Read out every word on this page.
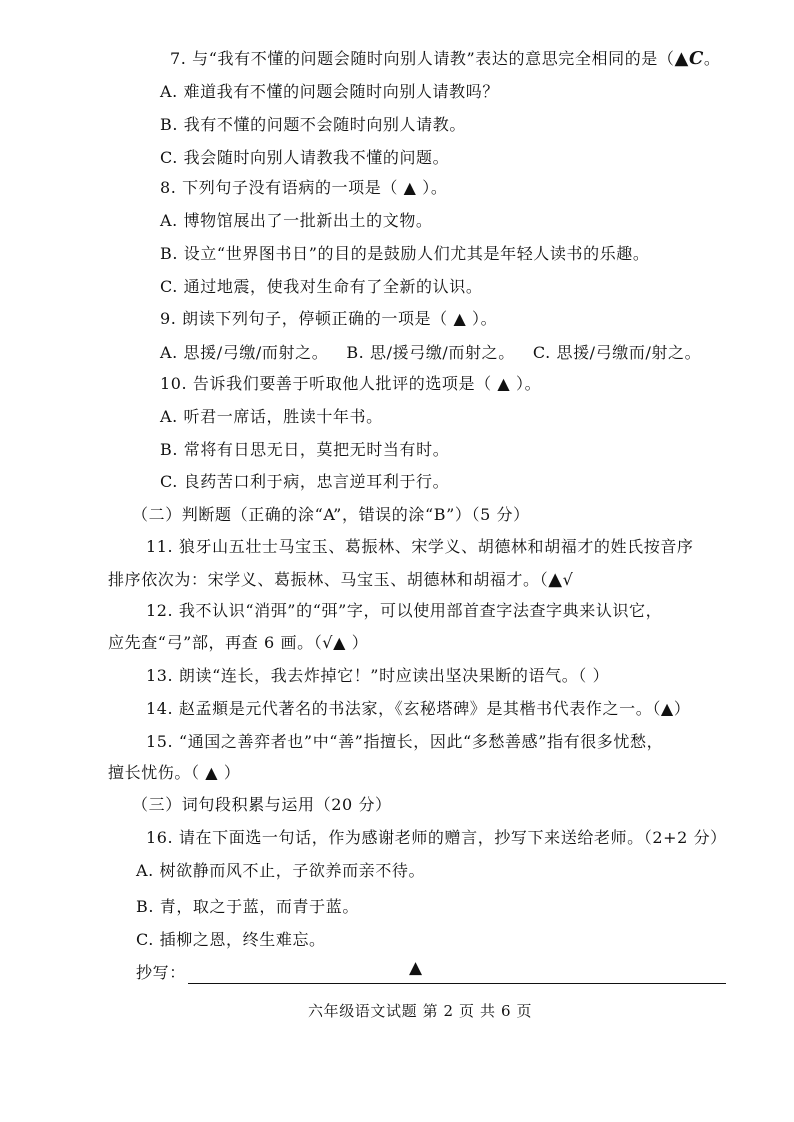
7. 与“我有不懂的问题会随时向别人请教”表达的意思完全相同的是（▲C。
A. 难道我有不懂的问题会随时向别人请教吗？
B. 我有不懂的问题不会随时向别人请教。
C. 我会随时向别人请教我不懂的问题。
8. 下列句子没有语病的一项是（ ▲ ）。
A. 博物馆展出了一批新出土的文物。
B. 设立“世界图书日”的目的是鼓励人们尤其是年轻人读书的乐趣。
C. 通过地震，使我对生命有了全新的认识。
9. 朗读下列句子，停顿正确的一项是（ ▲ ）。
A. 思援/弓缴/而射之。 B. 思/援弓缴/而射之。 C. 思援/弓缴而/射之。
10. 告诉我们要善于听取他人批评的选项是（ ▲ ）。
A. 听君一席话，胜读十年书。
B. 常将有日思无日，莫把无时当有时。
C. 良药苦口利于病，忠言逆耳利于行。
（二）判断题（正确的涂“A”，错误的涂“B”）（5 分）
11. 狼牙山五壮士马宝玉、葛振林、宋学义、胡德林和胡福才的姓氏按音序
排序依次为：宋学义、葛振林、马宝玉、胡德林和胡福才。（▲√
12. 我不认识“消弭”的“弭”字，可以使用部首查字法查字典来认识它，
应先查“弓”部，再查 6 画。（√▲ ）
13. 朗读“连长，我去炸掉它！”时应读出坚决果断的语气。（ ）
14. 赵孟頫是元代著名的书法家，《玄秘塔碑》是其楷书代表作之一。（▲）
15. “通国之善弈者也”中“善”指擅长，因此“多愁善感”指有很多忧愁，
擅长忧伤。（ ▲ ）
（三）词句段积累与运用（20 分）
16. 请在下面选一句话，作为感谢老师的赠言，抄写下来送给老师。（2+2 分）
A. 树欲静而风不止，子欲养而亲不待。
B. 青，取之于蓝，而青于蓝。
C. 插柳之恩，终生难忘。
抄写：	▲
六年级语文试题 第 2 页 共 6 页
